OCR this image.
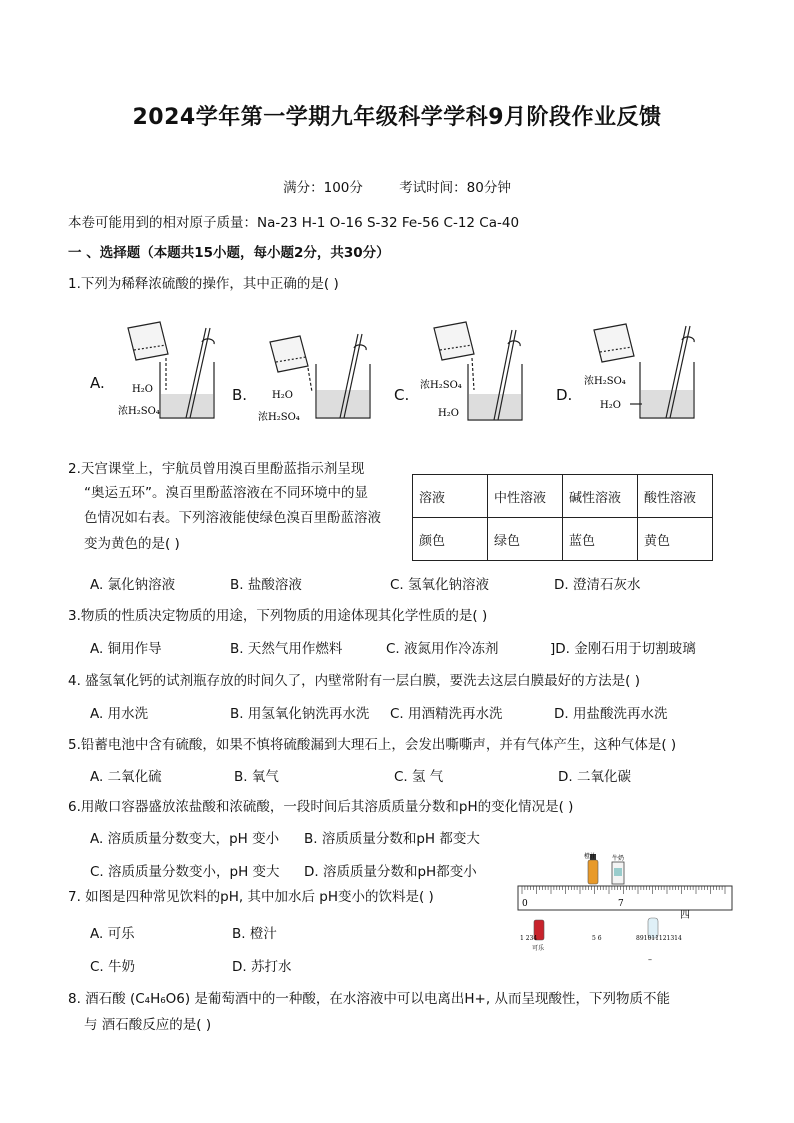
2024学年第一学期九年级科学学科9月阶段作业反馈
满分：100分	考试时间：80分钟
本卷可能用到的相对原子质量：Na-23 H-1 O-16 S-32 Fe-56 C-12 Ca-40
一 、选择题（本题共15小题，每小题2分，共30分）
1.下列为稀释浓硫酸的操作，其中正确的是( )
A.
B.	C.	D.
H₂O
浓H₂SO₄
H₂O
浓H₂SO₄
浓H₂SO₄
H₂O
浓H₂SO₄
H₂O
2.天宫课堂上，宇航员曾用溴百里酚蓝指示剂呈现
“奥运五环”。溴百里酚蓝溶液在不同环境中的显
色情况如右表。下列溶液能使绿色溴百里酚蓝溶液
变为黄色的是( )
溶液	中性溶液	碱性溶液	酸性溶液
颜色	绿色	蓝色	黄色
A. 氯化钠溶液	B. 盐酸溶液	C. 氢氧化钠溶液	D. 澄清石灰水
3.物质的性质决定物质的用途，下列物质的用途体现其化学性质的是( )
A. 铜用作导	B. 天然气用作燃料	C. 液氮用作冷冻剂	]D. 金刚石用于切割玻璃
4. 盛氢氧化钙的试剂瓶存放的时间久了，内壁常附有一层白膜，要洗去这层白膜最好的方法是( )
A. 用水洗	B. 用氢氧化钠洗再水洗 C. 用酒精洗再水洗	D. 用盐酸洗再水洗
5.铅蓄电池中含有硫酸，如果不慎将硫酸漏到大理石上，会发出嘶嘶声，并有气体产生，这种气体是( )
A. 二氧化硫	B. 氧气	C. 氢 气	D. 二氧化碳
6.用敞口容器盛放浓盐酸和浓硫酸，一段时间后其溶质质量分数和pH的变化情况是( )
A. 溶质质量分数变大，pH 变小 B. 溶质质量分数和pH 都变大
C. 溶质质量分数变小，pH 变大 D. 溶质质量分数和pH都变小
7. 如图是四种常见饮料的pH, 其中加水后 pH变小的饮料是( )
A. 可乐	B. 橙汁
C. 牛奶	D. 苏打水
橙汁	牛奶
0	7
四
可乐
1 234	5 6	891011121314
–
8. 酒石酸 (C₄H₆O6) 是葡萄酒中的一种酸，在水溶液中可以电离出H+, 从而呈现酸性，下列物质不能
与 酒石酸反应的是( )
